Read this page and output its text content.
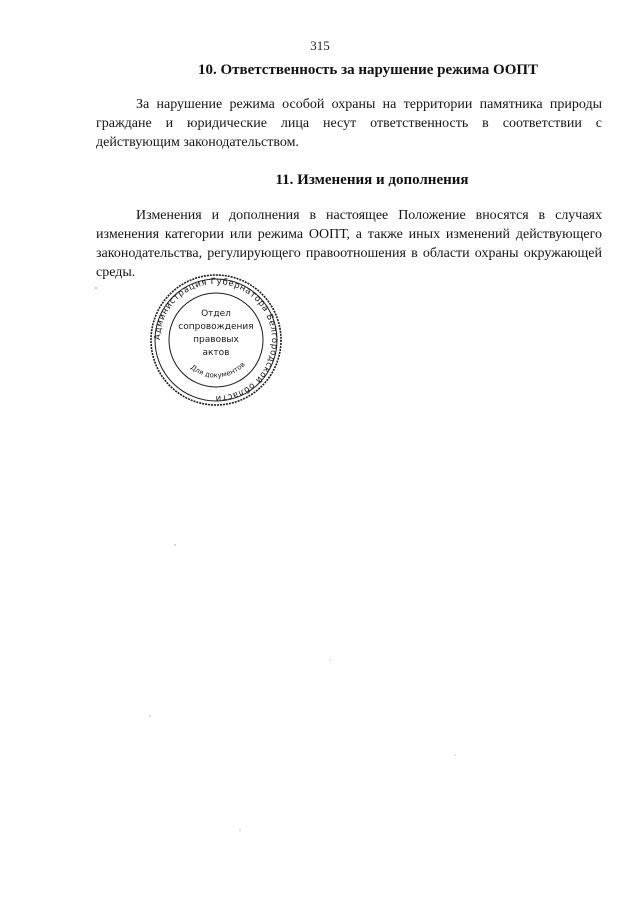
315
10. Ответственность за нарушение режима ООПТ
За нарушение режима особой охраны на территории памятника природы граждане и юридические лица несут ответственность в соответствии с действующим законодательством.
11. Изменения и дополнения
Изменения и дополнения в настоящее Положение вносятся в случаях изменения категории или режима ООПТ, а также иных изменений действующего законодательства, регулирующего правоотношения в области охраны окружающей среды.
Администрация Губернатора Белгородской области
Для документов
Отдел
сопровождения
правовых
актов
